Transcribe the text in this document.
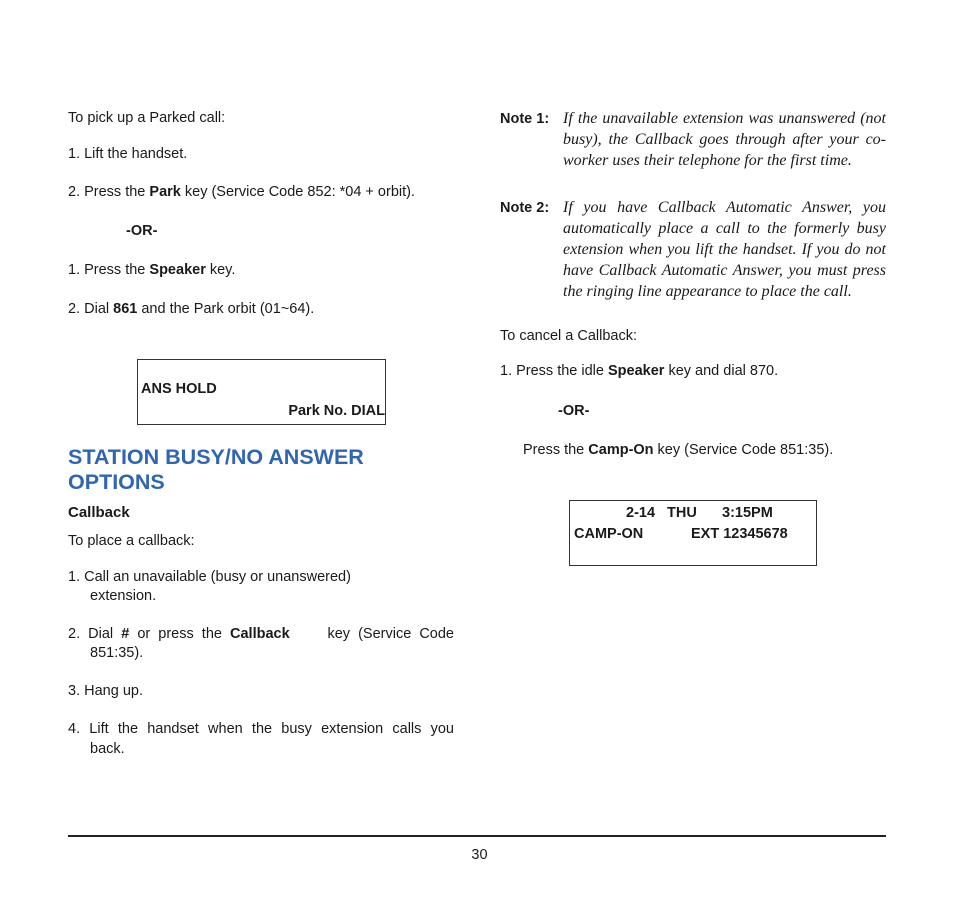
To pick up a Parked call:
1. Lift the handset.
2. Press the Park key (Service Code 852: *04 + orbit).
-OR-
1. Press the Speaker key.
2. Dial 861 and the Park orbit (01~64).
ANS HOLD
Park No. DIAL
STATION BUSY/NO ANSWER
OPTIONS
Callback
To place a callback:
1. Call an unavailable (busy or unanswered)
extension.
2.  Dial  #  or  press  the  Callback key  (Service  Code
851:35).
3. Hang up.
4. Lift the handset when the busy extension calls you
back.
Note 1: If the unavailable extension was unanswered (not busy), the Callback goes through after your co-worker uses their telephone for the first time.
Note 2: If you have Callback Automatic Answer, you automatically place a call to the formerly busy extension when you lift the handset. If you do not have Callback Automatic Answer, you must press the ringing line appearance to place the call.
To cancel a Callback:
1. Press the idle Speaker key and dial 870.
-OR-
Press the Camp-On key (Service Code 851:35).
2-14 THU 3:15PM
CAMP-ON	EXT 12345678
30
